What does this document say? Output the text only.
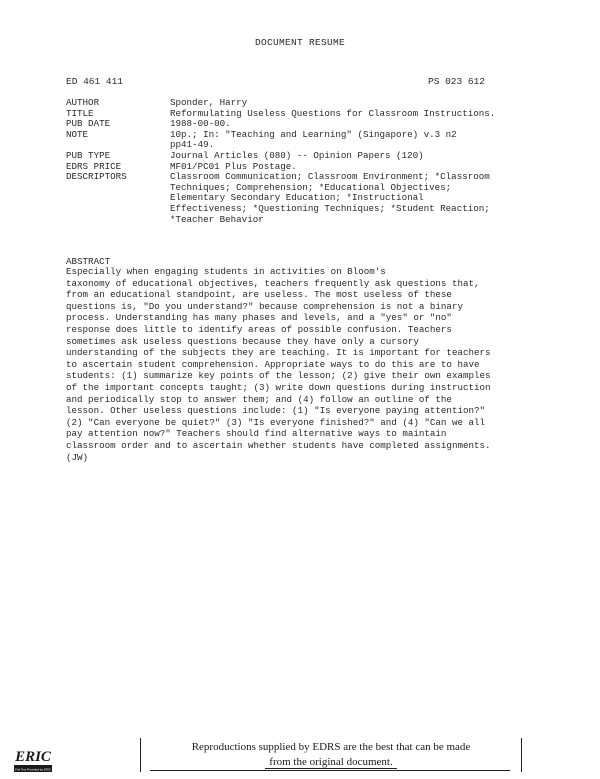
DOCUMENT RESUME
ED 461 411	PS 023 612
AUTHOR	Sponder, Harry
TITLE	Reformulating Useless Questions for Classroom Instructions.
PUB DATE	1988-00-00.
NOTE	10p.; In: "Teaching and Learning" (Singapore) v.3 n2
pp41-49.
PUB TYPE	Journal Articles (080) -- Opinion Papers (120)
EDRS PRICE	MF01/PC01 Plus Postage.
DESCRIPTORS	Classroom Communication; Classroom Environment; *Classroom
Techniques; Comprehension; *Educational Objectives;
Elementary Secondary Education; *Instructional
Effectiveness; *Questioning Techniques; *Student Reaction;
*Teacher Behavior
ABSTRACT
Especially when engaging students in activities on Bloom's
taxonomy of educational objectives, teachers frequently ask questions that,
from an educational standpoint, are useless. The most useless of these
questions is, "Do you understand?" because comprehension is not a binary
process. Understanding has many phases and levels, and a "yes" or "no"
response does little to identify areas of possible confusion. Teachers
sometimes ask useless questions because they have only a cursory
understanding of the subjects they are teaching. It is important for teachers
to ascertain student comprehension. Appropriate ways to do this are to have
students: (1) summarize key points of the lesson; (2) give their own examples
of the important concepts taught; (3) write down questions during instruction
and periodically stop to answer them; and (4) follow an outline of the
lesson. Other useless questions include: (1) "Is everyone paying attention?"
(2) "Can everyone be quiet?" (3) "Is everyone finished?" and (4) "Can we all
pay attention now?" Teachers should find alternative ways to maintain
classroom order and to ascertain whether students have completed assignments.
(JW)
ERIC
Full Text Provided by ERIC
Reproductions supplied by EDRS are the best that can be made
from the original document.
